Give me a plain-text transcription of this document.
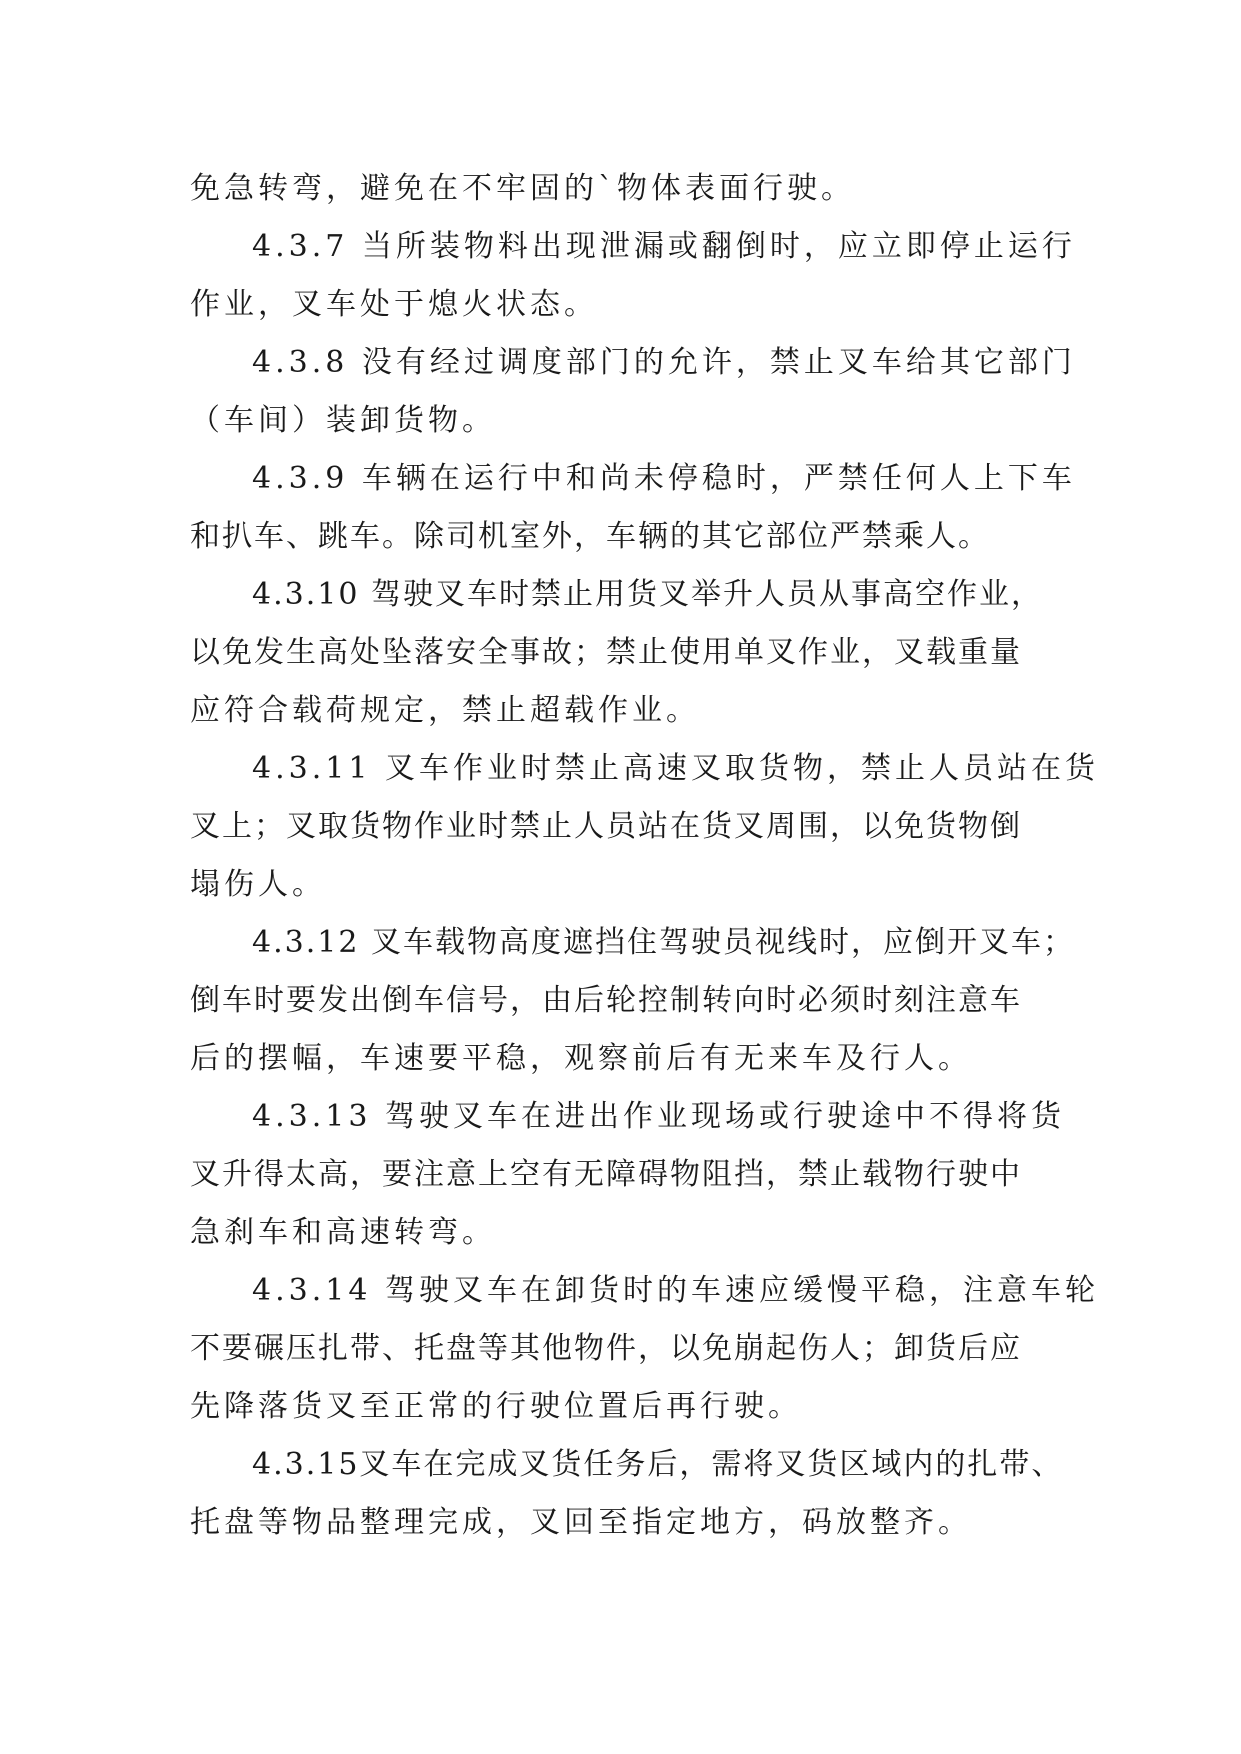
免急转弯，避免在不牢固的`物体表面行驶。
4.3.7 当所装物料出现泄漏或翻倒时，应立即停止运行
作业，叉车处于熄火状态。
4.3.8 没有经过调度部门的允许，禁止叉车给其它部门
（车间）装卸货物。
4.3.9 车辆在运行中和尚未停稳时，严禁任何人上下车
和扒车、跳车。除司机室外，车辆的其它部位严禁乘人。
4.3.10 驾驶叉车时禁止用货叉举升人员从事高空作业，
以免发生高处坠落安全事故；禁止使用单叉作业，叉载重量
应符合载荷规定，禁止超载作业。
4.3.11 叉车作业时禁止高速叉取货物，禁止人员站在货
叉上；叉取货物作业时禁止人员站在货叉周围，以免货物倒
塌伤人。
4.3.12 叉车载物高度遮挡住驾驶员视线时，应倒开叉车；
倒车时要发出倒车信号，由后轮控制转向时必须时刻注意车
后的摆幅，车速要平稳，观察前后有无来车及行人。
4.3.13 驾驶叉车在进出作业现场或行驶途中不得将货
叉升得太高，要注意上空有无障碍物阻挡，禁止载物行驶中
急刹车和高速转弯。
4.3.14 驾驶叉车在卸货时的车速应缓慢平稳，注意车轮
不要碾压扎带、托盘等其他物件，以免崩起伤人；卸货后应
先降落货叉至正常的行驶位置后再行驶。
4.3.15叉车在完成叉货任务后，需将叉货区域内的扎带、
托盘等物品整理完成，叉回至指定地方，码放整齐。
